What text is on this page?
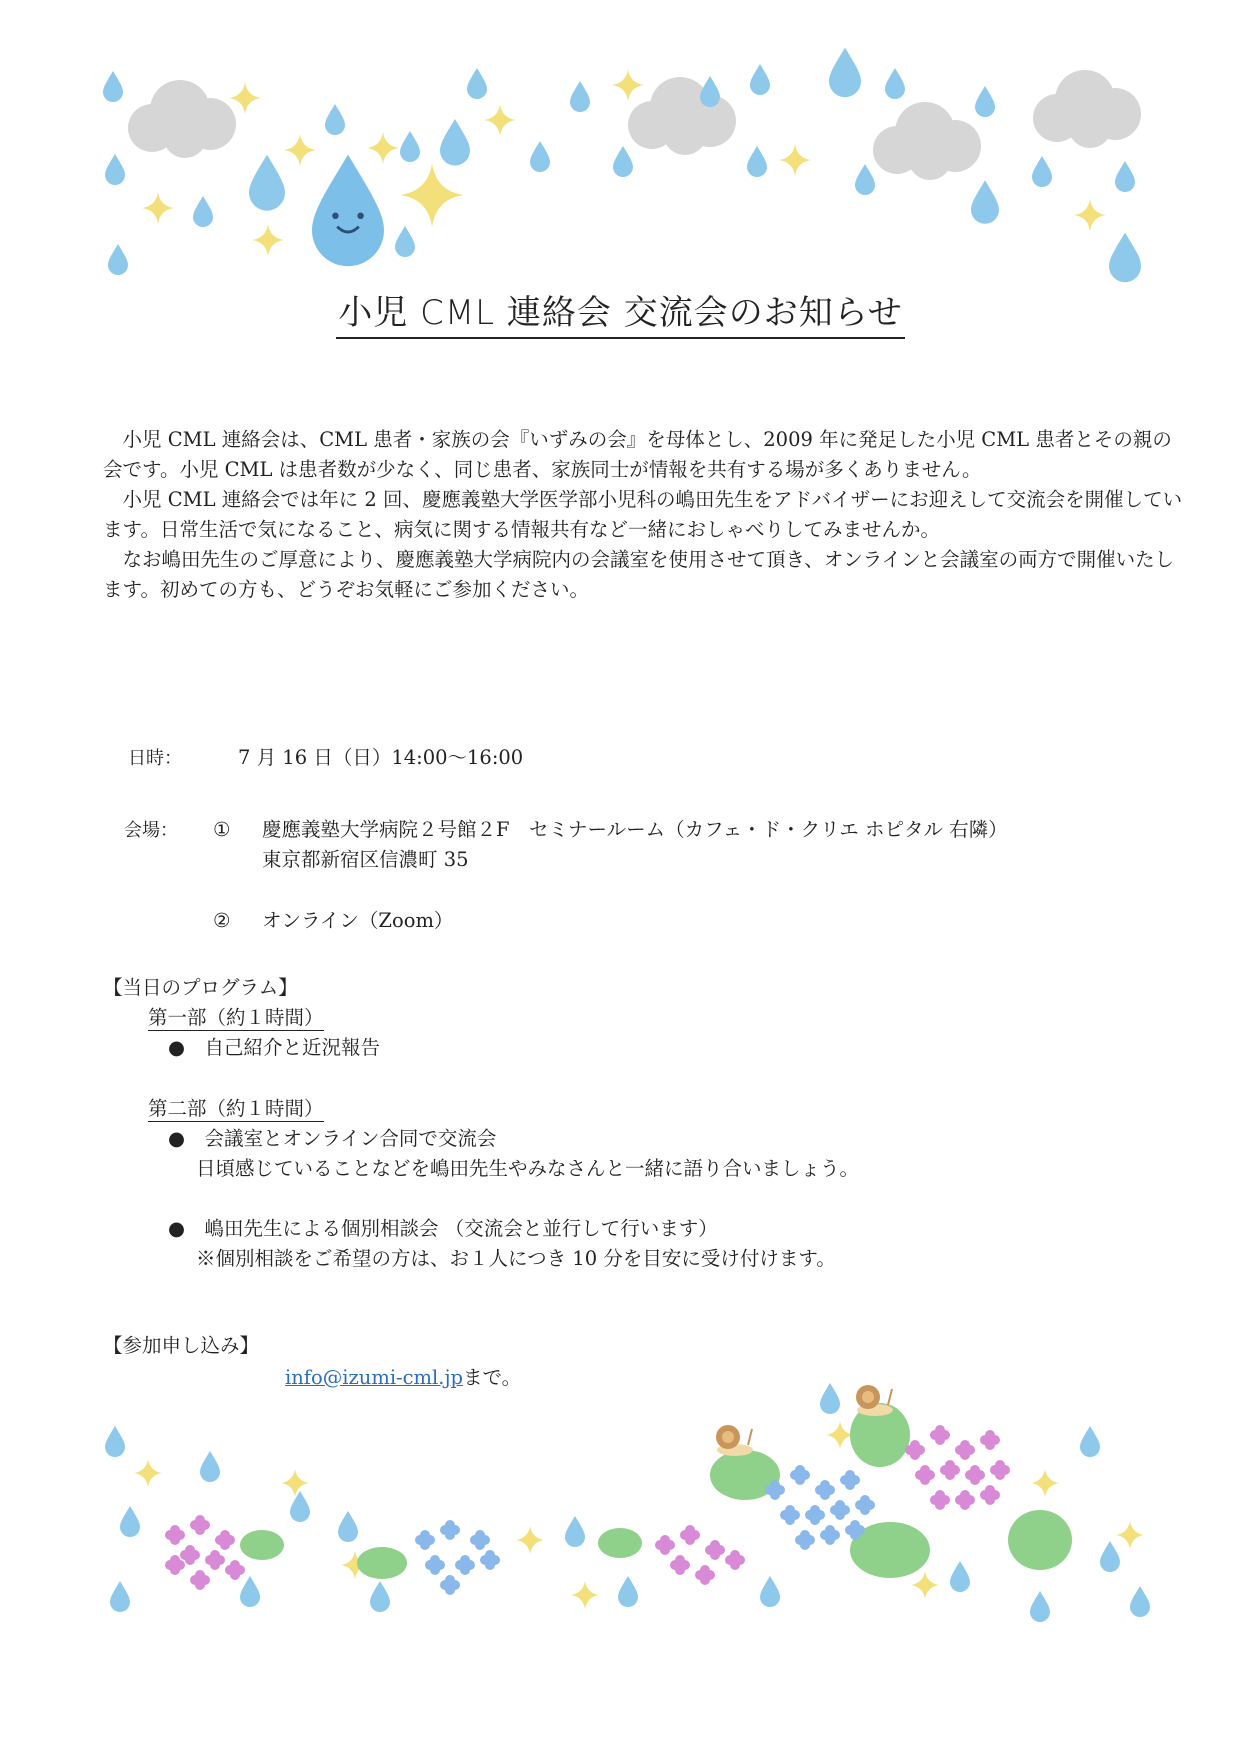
小児 CML 連絡会 交流会のお知らせ

小児 CML 連絡会は、CML 患者・家族の会『いずみの会』を母体とし、2009 年に発足した小児 CML 患者とその親の会です。小児 CML は患者数が少なく、同じ患者、家族同士が情報を共有する場が多くありません。

小児 CML 連絡会では年に 2 回、慶應義塾大学医学部小児科の嶋田先生をアドバイザーにお迎えして交流会を開催しています。日常生活で気になること、病気に関する情報共有など一緒におしゃべりしてみませんか。

なお嶋田先生のご厚意により、慶應義塾大学病院内の会議室を使用させて頂き、オンラインと会議室の両方で開催いたします。初めての方も、どうぞお気軽にご参加ください。

日時：	7 月 16 日（日）14:00～16:00
会場： ① 慶應義塾大学病院２号館２F　セミナールーム（カフェ・ド・クリエ ホピタル 右隣）
東京都新宿区信濃町 35
② オンライン（Zoom）
【当日のプログラム】
第一部（約１時間）
●　自己紹介と近況報告
第二部（約１時間）
●　会議室とオンライン合同で交流会
日頃感じていることなどを嶋田先生やみなさんと一緒に語り合いましょう。
●　嶋田先生による個別相談会 （交流会と並行して行います）
※個別相談をご希望の方は、お１人につき 10 分を目安に受け付けます。
【参加申し込み】
info@izumi-cml.jpまで。
